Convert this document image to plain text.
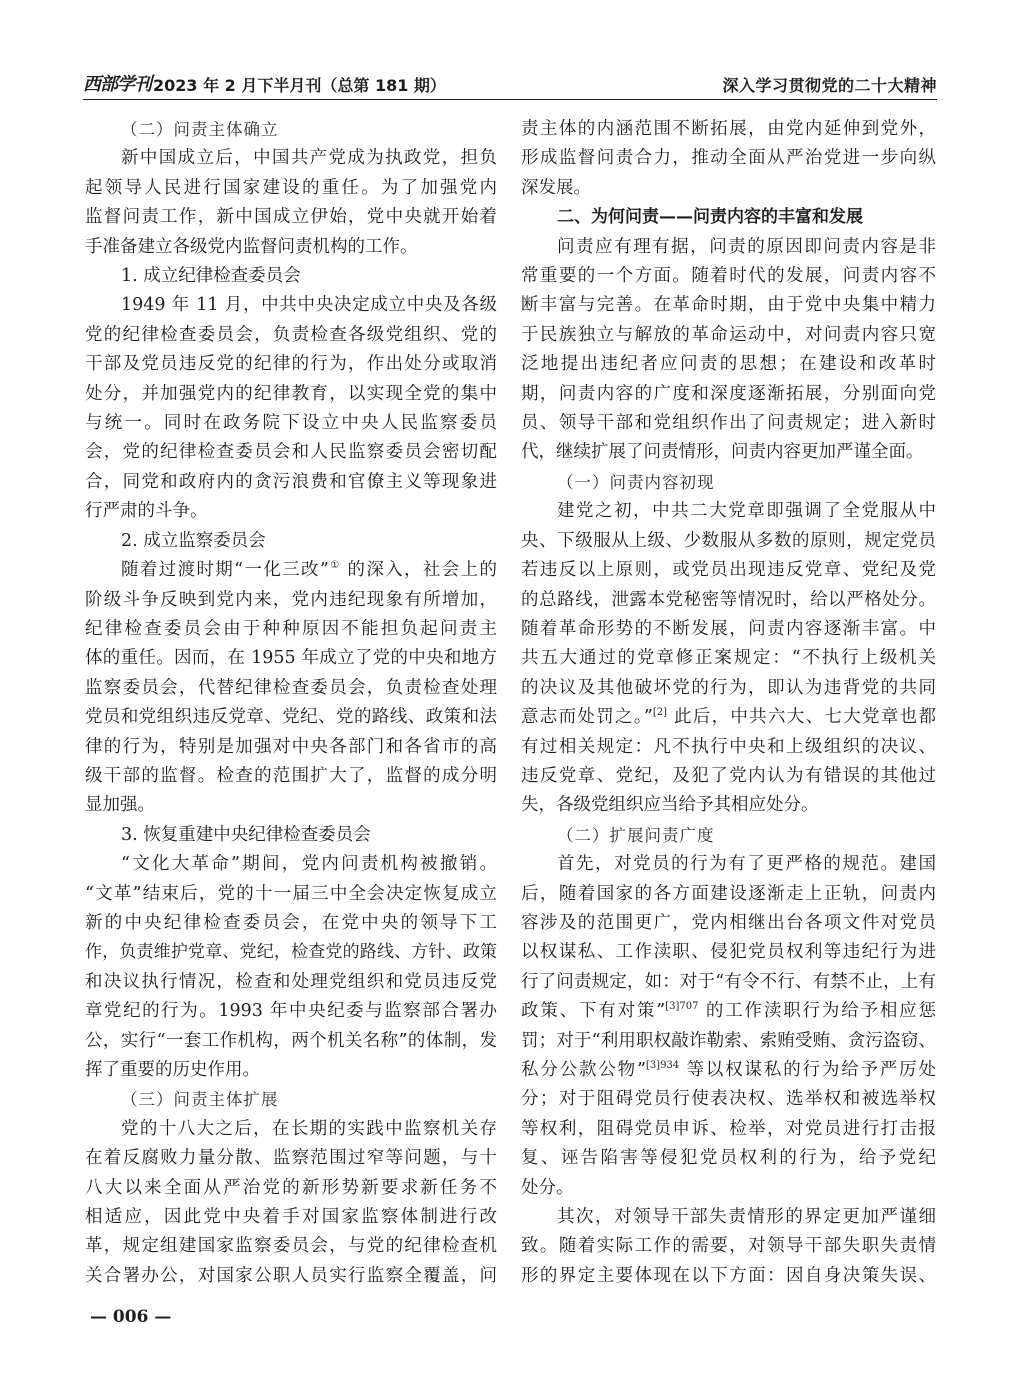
西部学刊 2023 年 2 月下半月刊（总第 181 期）	深入学习贯彻党的二十大精神
（二）问责主体确立
新中国成立后，中国共产党成为执政党，担负
起领导人民进行国家建设的重任。为了加强党内
监督问责工作，新中国成立伊始，党中央就开始着
手准备建立各级党内监督问责机构的工作。
1. 成立纪律检查委员会
1949 年 11 月，中共中央决定成立中央及各级
党的纪律检查委员会，负责检查各级党组织、党的
干部及党员违反党的纪律的行为，作出处分或取消
处分，并加强党内的纪律教育，以实现全党的集中
与统一。同时在政务院下设立中央人民监察委员
会，党的纪律检查委员会和人民监察委员会密切配
合，同党和政府内的贪污浪费和官僚主义等现象进
行严肃的斗争。
2. 成立监察委员会
随着过渡时期“一化三改”① 的深入，社会上的
阶级斗争反映到党内来，党内违纪现象有所增加，
纪律检查委员会由于种种原因不能担负起问责主
体的重任。因而，在 1955 年成立了党的中央和地方
监察委员会，代替纪律检查委员会，负责检查处理
党员和党组织违反党章、党纪、党的路线、政策和法
律的行为，特别是加强对中央各部门和各省市的高
级干部的监督。检查的范围扩大了，监督的成分明
显加强。
3. 恢复重建中央纪律检查委员会
“文化大革命”期间，党内问责机构被撤销。
“文革”结束后，党的十一届三中全会决定恢复成立
新的中央纪律检查委员会，在党中央的领导下工
作，负责维护党章、党纪，检查党的路线、方针、政策
和决议执行情况，检查和处理党组织和党员违反党
章党纪的行为。1993 年中央纪委与监察部合署办
公，实行“一套工作机构，两个机关名称”的体制，发
挥了重要的历史作用。
（三）问责主体扩展
党的十八大之后，在长期的实践中监察机关存
在着反腐败力量分散、监察范围过窄等问题，与十
八大以来全面从严治党的新形势新要求新任务不
相适应，因此党中央着手对国家监察体制进行改
革，规定组建国家监察委员会，与党的纪律检查机
关合署办公，对国家公职人员实行监察全覆盖，问
责主体的内涵范围不断拓展，由党内延伸到党外，
形成监督问责合力，推动全面从严治党进一步向纵
深发展。
二、为何问责——问责内容的丰富和发展
问责应有理有据，问责的原因即问责内容是非
常重要的一个方面。随着时代的发展，问责内容不
断丰富与完善。在革命时期，由于党中央集中精力
于民族独立与解放的革命运动中，对问责内容只宽
泛地提出违纪者应问责的思想；在建设和改革时
期，问责内容的广度和深度逐渐拓展，分别面向党
员、领导干部和党组织作出了问责规定；进入新时
代，继续扩展了问责情形，问责内容更加严谨全面。
（一）问责内容初现
建党之初，中共二大党章即强调了全党服从中
央、下级服从上级、少数服从多数的原则，规定党员
若违反以上原则，或党员出现违反党章、党纪及党
的总路线，泄露本党秘密等情况时，给以严格处分。
随着革命形势的不断发展，问责内容逐渐丰富。中
共五大通过的党章修正案规定：“不执行上级机关
的决议及其他破坏党的行为，即认为违背党的共同
意志而处罚之。”[2] 此后，中共六大、七大党章也都
有过相关规定：凡不执行中央和上级组织的决议、
违反党章、党纪，及犯了党内认为有错误的其他过
失，各级党组织应当给予其相应处分。
（二）扩展问责广度
首先，对党员的行为有了更严格的规范。建国
后，随着国家的各方面建设逐渐走上正轨，问责内
容涉及的范围更广，党内相继出台各项文件对党员
以权谋私、工作渎职、侵犯党员权利等违纪行为进
行了问责规定，如：对于“有令不行、有禁不止，上有
政策、下有对策”$^{[3]707}$ 的工作渎职行为给予相应惩
罚；对于“利用职权敲诈勒索、索贿受贿、贪污盗窃、
私分公款公物”$^{[3]934}$ 等以权谋私的行为给予严厉处
分；对于阻碍党员行使表决权、选举权和被选举权
等权利，阻碍党员申诉、检举，对党员进行打击报
复、诬告陷害等侵犯党员权利的行为，给予党纪
处分。
其次，对领导干部失责情形的界定更加严谨细
致。随着实际工作的需要，对领导干部失职失责情
形的界定主要体现在以下方面：因自身决策失误、
— 006 —
